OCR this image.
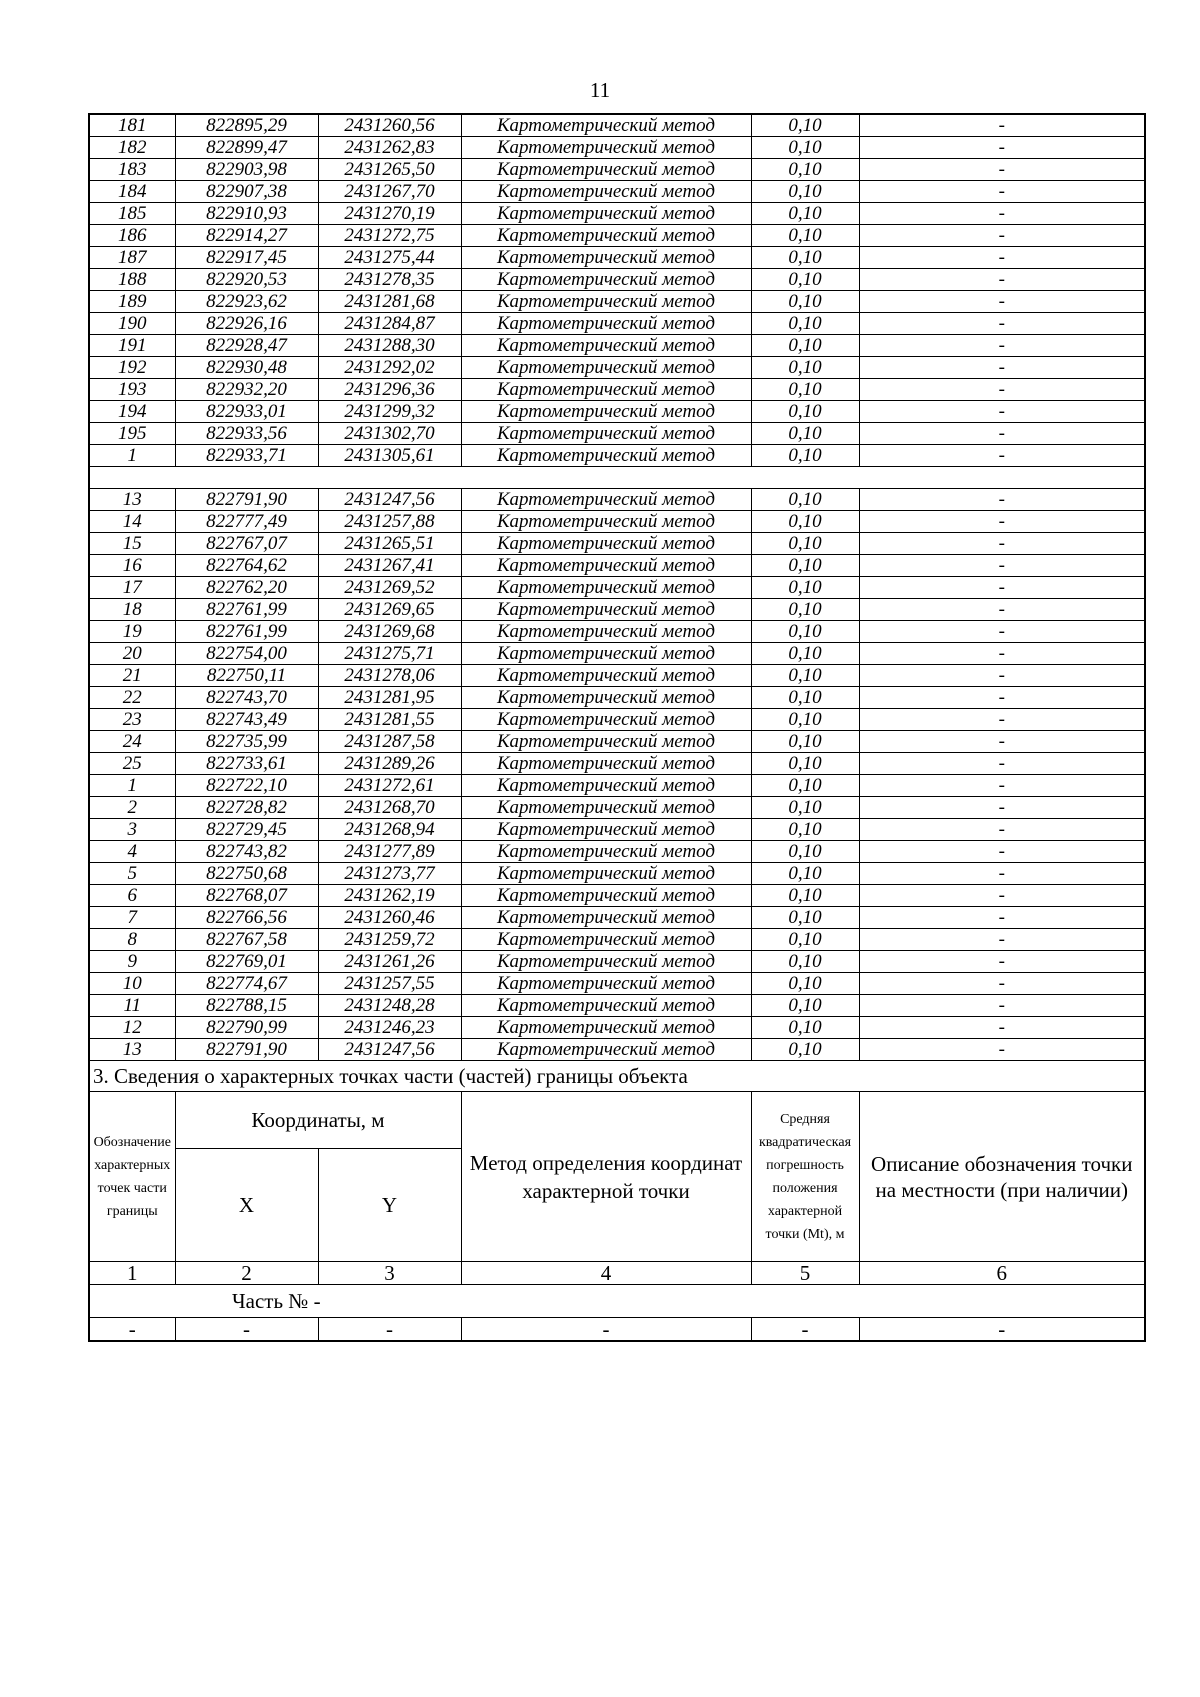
11
181	822895,29	2431260,56	Картометрический метод	0,10	-
182	822899,47	2431262,83	Картометрический метод	0,10	-
183	822903,98	2431265,50	Картометрический метод	0,10	-
184	822907,38	2431267,70	Картометрический метод	0,10	-
185	822910,93	2431270,19	Картометрический метод	0,10	-
186	822914,27	2431272,75	Картометрический метод	0,10	-
187	822917,45	2431275,44	Картометрический метод	0,10	-
188	822920,53	2431278,35	Картометрический метод	0,10	-
189	822923,62	2431281,68	Картометрический метод	0,10	-
190	822926,16	2431284,87	Картометрический метод	0,10	-
191	822928,47	2431288,30	Картометрический метод	0,10	-
192	822930,48	2431292,02	Картометрический метод	0,10	-
193	822932,20	2431296,36	Картометрический метод	0,10	-
194	822933,01	2431299,32	Картометрический метод	0,10	-
195	822933,56	2431302,70	Картометрический метод	0,10	-
1	822933,71	2431305,61	Картометрический метод	0,10	-

13	822791,90	2431247,56	Картометрический метод	0,10	-
14	822777,49	2431257,88	Картометрический метод	0,10	-
15	822767,07	2431265,51	Картометрический метод	0,10	-
16	822764,62	2431267,41	Картометрический метод	0,10	-
17	822762,20	2431269,52	Картометрический метод	0,10	-
18	822761,99	2431269,65	Картометрический метод	0,10	-
19	822761,99	2431269,68	Картометрический метод	0,10	-
20	822754,00	2431275,71	Картометрический метод	0,10	-
21	822750,11	2431278,06	Картометрический метод	0,10	-
22	822743,70	2431281,95	Картометрический метод	0,10	-
23	822743,49	2431281,55	Картометрический метод	0,10	-
24	822735,99	2431287,58	Картометрический метод	0,10	-
25	822733,61	2431289,26	Картометрический метод	0,10	-
1	822722,10	2431272,61	Картометрический метод	0,10	-
2	822728,82	2431268,70	Картометрический метод	0,10	-
3	822729,45	2431268,94	Картометрический метод	0,10	-
4	822743,82	2431277,89	Картометрический метод	0,10	-
5	822750,68	2431273,77	Картометрический метод	0,10	-
6	822768,07	2431262,19	Картометрический метод	0,10	-
7	822766,56	2431260,46	Картометрический метод	0,10	-
8	822767,58	2431259,72	Картометрический метод	0,10	-
9	822769,01	2431261,26	Картометрический метод	0,10	-
10	822774,67	2431257,55	Картометрический метод	0,10	-
11	822788,15	2431248,28	Картометрический метод	0,10	-
12	822790,99	2431246,23	Картометрический метод	0,10	-
13	822791,90	2431247,56	Картометрический метод	0,10	-
3. Сведения о характерных точках части (частей) границы объекта					
Обозначение характерных точек части границы	Координаты, м		Метод определения координат характерной точки	Средняя квадратическая погрешность положения характерной точки (Mt), м	Описание обозначения точки на местности (при наличии)
	X	Y			
1	2	3	4	5	6
Часть № -					
-	-	-	-	-	-
